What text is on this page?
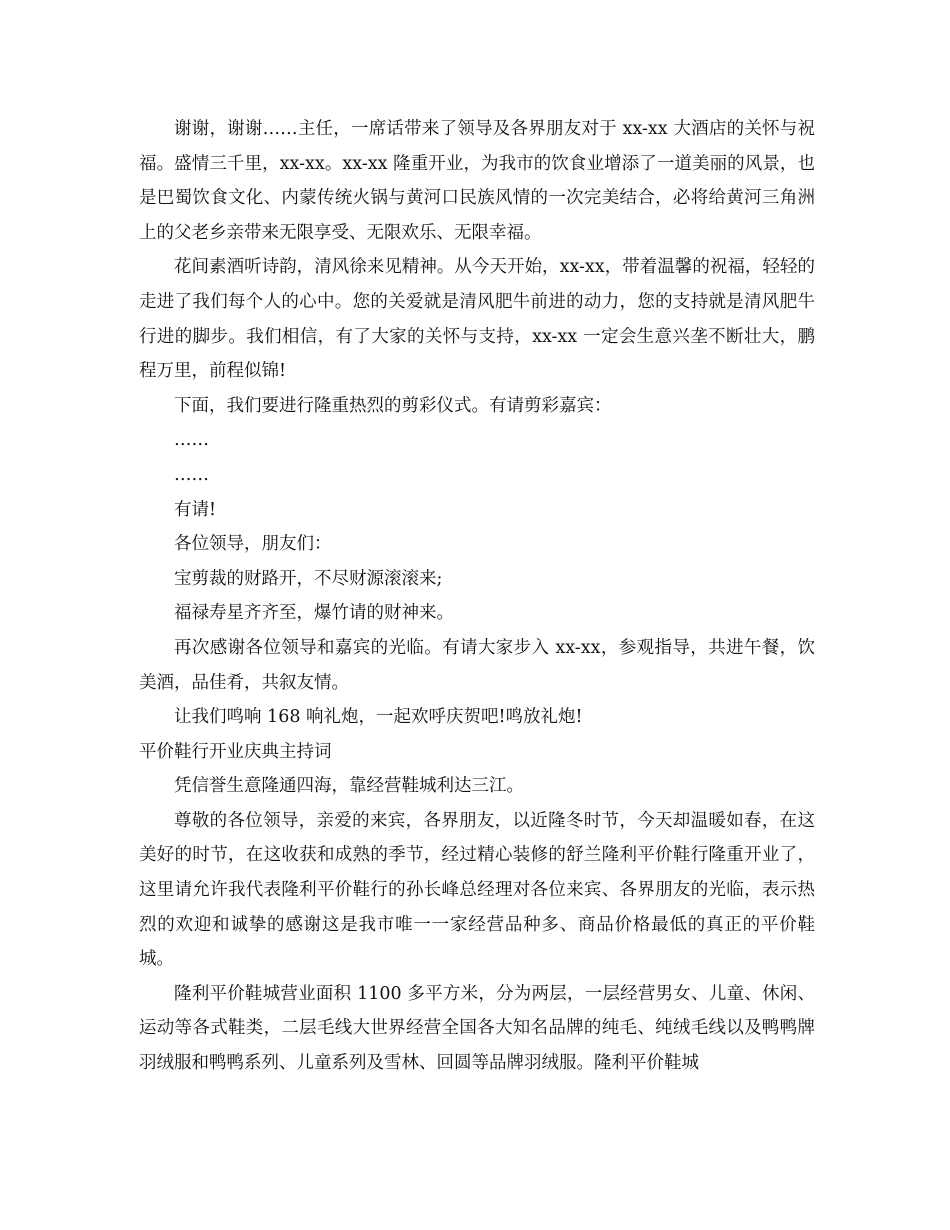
谢谢，谢谢……主任，一席话带来了领导及各界朋友对于 xx-xx 大酒店的关怀与祝福。盛情三千里，xx-xx。xx-xx 隆重开业，为我市的饮食业增添了一道美丽的风景，也是巴蜀饮食文化、内蒙传统火锅与黄河口民族风情的一次完美结合，必将给黄河三角洲上的父老乡亲带来无限享受、无限欢乐、无限幸福。

花间素酒听诗韵，清风徐来见精神。从今天开始，xx-xx，带着温馨的祝福，轻轻的走进了我们每个人的心中。您的关爱就是清风肥牛前进的动力，您的支持就是清风肥牛行进的脚步。我们相信，有了大家的关怀与支持，xx-xx 一定会生意兴垄不断壮大，鹏程万里，前程似锦!

下面，我们要进行隆重热烈的剪彩仪式。有请剪彩嘉宾：

……

……

有请!

各位领导，朋友们：

宝剪裁的财路开，不尽财源滚滚来;

福禄寿星齐齐至，爆竹请的财神来。

再次感谢各位领导和嘉宾的光临。有请大家步入 xx-xx，参观指导，共进午餐，饮美酒，品佳肴，共叙友情。

让我们鸣响 168 响礼炮，一起欢呼庆贺吧!鸣放礼炮!

平价鞋行开业庆典主持词

凭信誉生意隆通四海，靠经营鞋城利达三江。

尊敬的各位领导，亲爱的来宾，各界朋友，以近隆冬时节，今天却温暖如春，在这美好的时节，在这收获和成熟的季节，经过精心装修的舒兰隆利平价鞋行隆重开业了，这里请允许我代表隆利平价鞋行的孙长峰总经理对各位来宾、各界朋友的光临，表示热烈的欢迎和诚挚的感谢这是我市唯一一家经营品种多、商品价格最低的真正的平价鞋城。

隆利平价鞋城营业面积 1100 多平方米，分为两层，一层经营男女、儿童、休闲、运动等各式鞋类，二层毛线大世界经营全国各大知名品牌的纯毛、纯绒毛线以及鸭鸭牌羽绒服和鸭鸭系列、儿童系列及雪林、回圆等品牌羽绒服。隆利平价鞋城
